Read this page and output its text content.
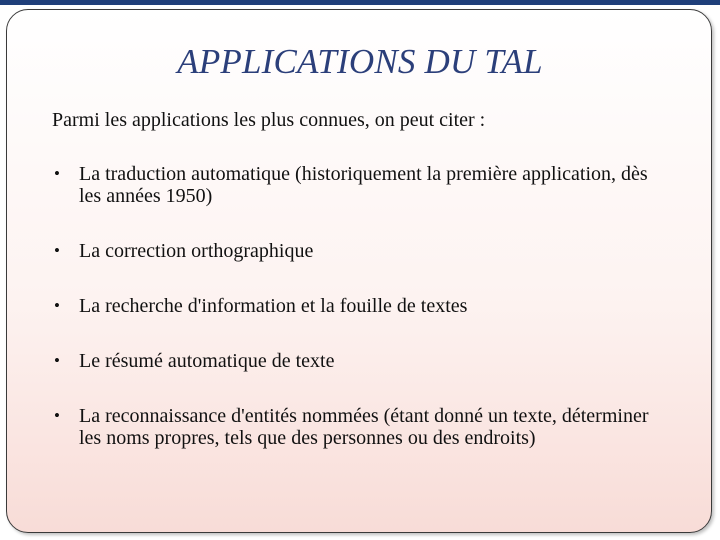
APPLICATIONS DU TAL

Parmi les applications les plus connues, on peut citer :

• La traduction automatique (historiquement la première application, dès les années 1950)
• La correction orthographique
• La recherche d'information et la fouille de textes
• Le résumé automatique de texte
• La reconnaissance d'entités nommées (étant donné un texte, déterminer les noms propres, tels que des personnes ou des endroits)
